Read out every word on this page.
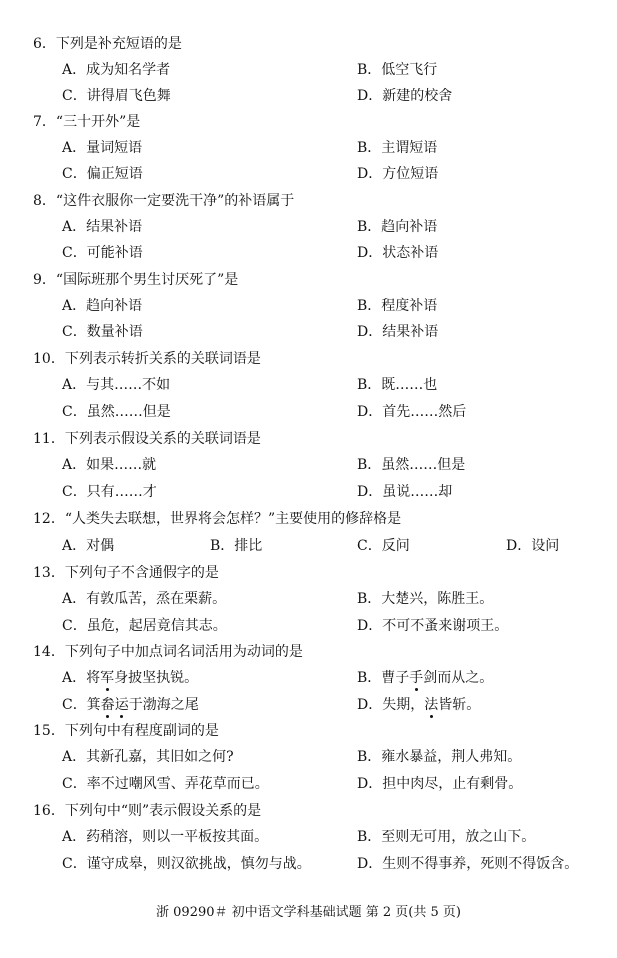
6．下列是补充短语的是
A．成为知名学者	B．低空飞行
C．讲得眉飞色舞	D．新建的校舍
7．“三十开外”是
A．量词短语	B．主谓短语
C．偏正短语	D．方位短语
8．“这件衣服你一定要洗干净”的补语属于
A．结果补语	B．趋向补语
C．可能补语	D．状态补语
9．“国际班那个男生讨厌死了”是
A．趋向补语	B．程度补语
C．数量补语	D．结果补语
10．下列表示转折关系的关联词语是
A．与其……不如	B．既……也
C．虽然……但是	D．首先……然后
11．下列表示假设关系的关联词语是
A．如果……就	B．虽然……但是
C．只有……才	D．虽说……却
12．“人类失去联想，世界将会怎样？”主要使用的修辞格是
A．对偶	B．排比	C．反问	D．设问
13．下列句子不含通假字的是
A．有敦瓜苦，烝在栗薪。	B．大楚兴，陈胜王。
C．虽危，起居竟信其志。	D．不可不蚤来谢项王。
14．下列句子中加点词名词活用为动词的是
A．将军身披坚执锐。	B．曹子手剑而从之。
C．箕畚运于渤海之尾	D．失期，法皆斩。
15．下列句中有程度副词的是
A．其新孔嘉，其旧如之何?	B．雍水暴益，荆人弗知。
C．率不过嘲风雪、弄花草而已。	D．担中肉尽，止有剩骨。
16．下列句中“则”表示假设关系的是
A．药稍溶，则以一平板按其面。	B．至则无可用，放之山下。
C．谨守成皋，则汉欲挑战，慎勿与战。	D．生则不得事养，死则不得饭含。
浙 09290＃ 初中语文学科基础试题 第 2 页(共 5 页)
